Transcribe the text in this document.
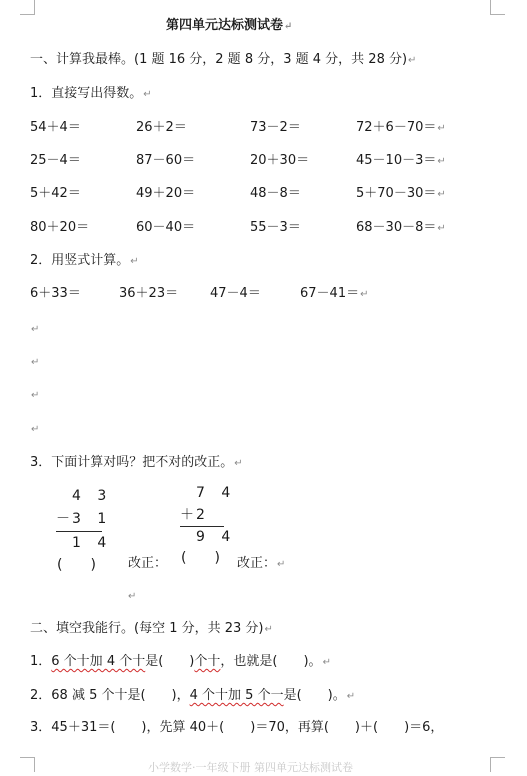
第四单元达标测试卷↵
一、计算我最棒。(1 题 16 分，2 题 8 分，3 题 4 分，共 28 分)↵
1．直接写出得数。↵
54＋4＝	26＋2＝	73－2＝	72＋6－70＝↵
25－4＝	87－60＝	20＋30＝	45－10－3＝↵
5＋42＝	49＋20＝	48－8＝	5＋70－30＝↵
80＋20＝	60－40＝	55－3＝	68－30－8＝↵
2．用竖式计算。↵
6＋33＝	36＋23＝ 47－4＝	67－41＝↵
↵
↵
↵
↵
3．下面计算对吗？把不对的改正。↵
4 3
－ 3 1
1 4
(　　) 改正：
7 4
＋ 2
9 4
(　　) 改正：↵
↵
二、填空我能行。(每空 1 分，共 23 分)↵
1．6 个十加 4 个十是(　　)个十，也就是(　　)。↵
2．68 减 5 个十是(　　)，4 个十加 5 个一是(　　)。↵
3．45＋31＝(　　)，先算 40＋(　　)＝70，再算(　　)＋(　　)＝6，
小学数学·一年级下册 第四单元达标测试卷
